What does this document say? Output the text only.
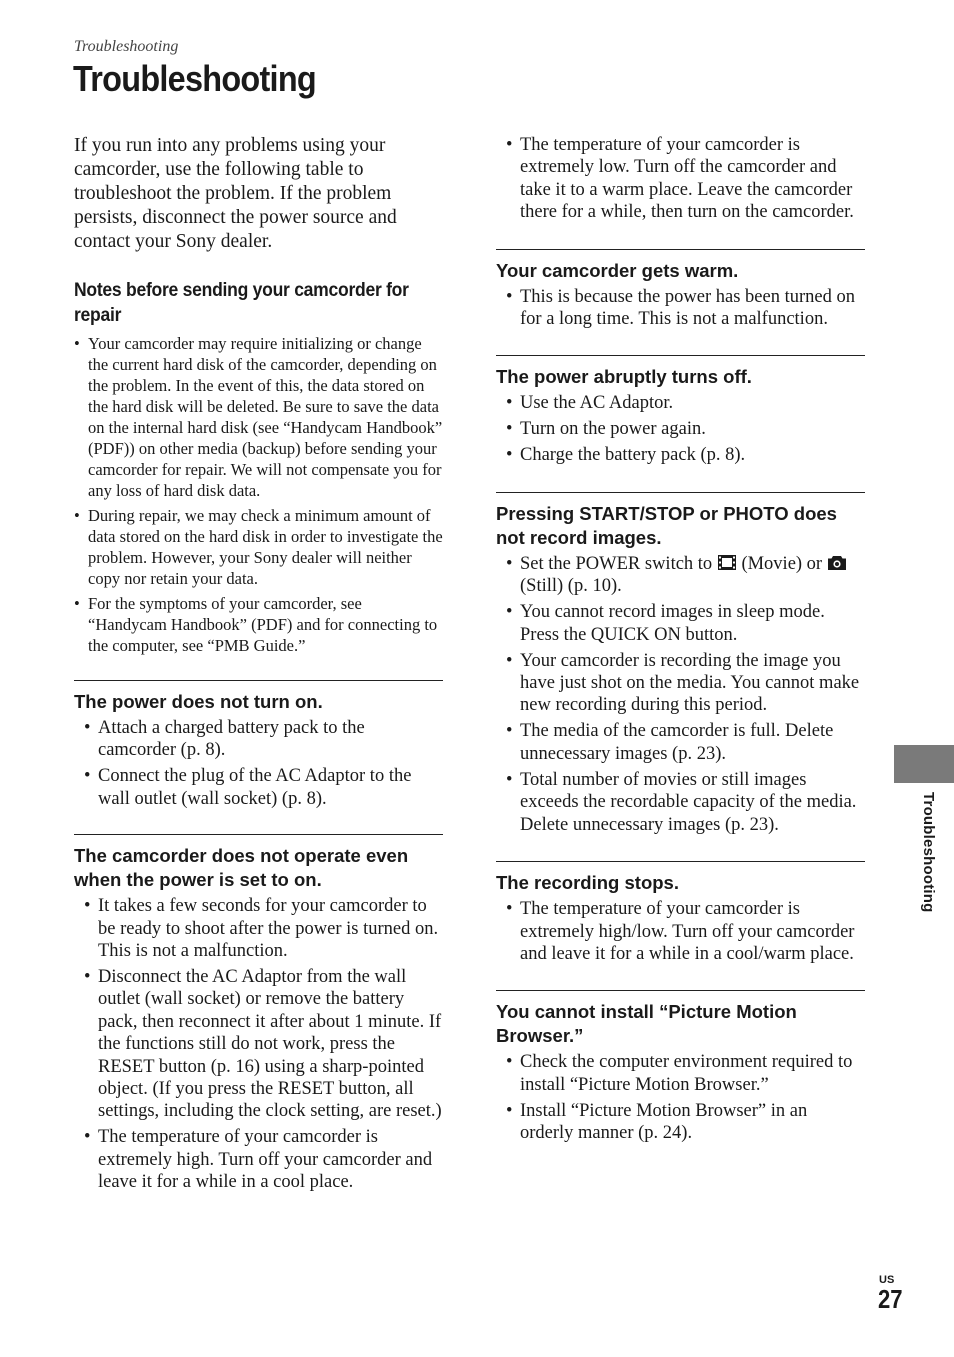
Troubleshooting
Troubleshooting

If you run into any problems using your camcorder, use the following table to troubleshoot the problem. If the problem persists, disconnect the power source and contact your Sony dealer.

Notes before sending your camcorder for repair
• Your camcorder may require initializing or change the current hard disk of the camcorder, depending on the problem. In the event of this, the data stored on the hard disk will be deleted. Be sure to save the data on the internal hard disk (see “Handycam Handbook” (PDF)) on other media (backup) before sending your camcorder for repair. We will not compensate you for any loss of hard disk data.
• During repair, we may check a minimum amount of data stored on the hard disk in order to investigate the problem. However, your Sony dealer will neither copy nor retain your data.
• For the symptoms of your camcorder, see “Handycam Handbook” (PDF) and for connecting to the computer, see “PMB Guide.”
The power does not turn on.
• Attach a charged battery pack to the camcorder (p. 8).
• Connect the plug of the AC Adaptor to the wall outlet (wall socket) (p. 8).
The camcorder does not operate even when the power is set to on.
• It takes a few seconds for your camcorder to be ready to shoot after the power is turned on. This is not a malfunction.
• Disconnect the AC Adaptor from the wall outlet (wall socket) or remove the battery pack, then reconnect it after about 1 minute. If the functions still do not work, press the RESET button (p. 16) using a sharp-pointed object. (If you press the RESET button, all settings, including the clock setting, are reset.)
• The temperature of your camcorder is extremely high. Turn off your camcorder and leave it for a while in a cool place.
• The temperature of your camcorder is extremely low. Turn off the camcorder and take it to a warm place. Leave the camcorder there for a while, then turn on the camcorder.
Your camcorder gets warm.
• This is because the power has been turned on for a long time. This is not a malfunction.
The power abruptly turns off.
• Use the AC Adaptor.
• Turn on the power again.
• Charge the battery pack (p. 8).
Pressing START/STOP or PHOTO does not record images.
• Set the POWER switch to  (Movie) or  (Still) (p. 10).
• You cannot record images in sleep mode. Press the QUICK ON button.
• Your camcorder is recording the image you have just shot on the media. You cannot make new recording during this period.
• The media of the camcorder is full. Delete unnecessary images (p. 23).
• Total number of movies or still images exceeds the recordable capacity of the media. Delete unnecessary images (p. 23).
The recording stops.
• The temperature of your camcorder is extremely high/low. Turn off your camcorder and leave it for a while in a cool/warm place.
You cannot install “Picture Motion Browser.”
• Check the computer environment required to install “Picture Motion Browser.”
• Install “Picture Motion Browser” in an orderly manner (p. 24).
Troubleshooting
US
27
